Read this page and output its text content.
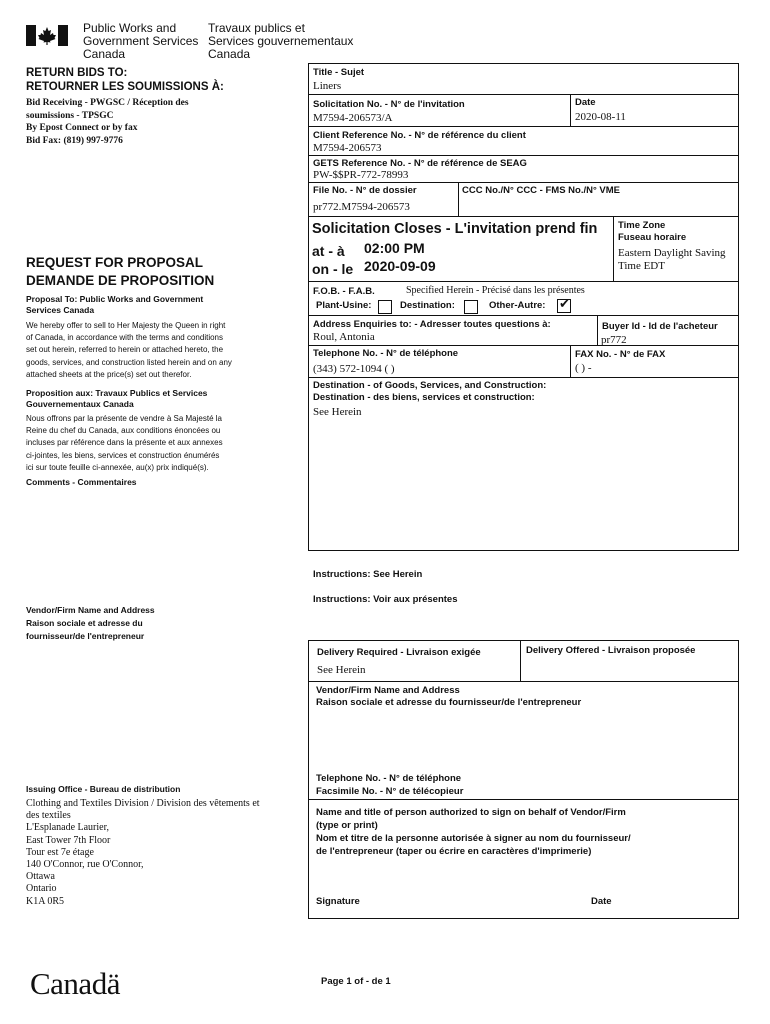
Public Works and
Government Services
Canada
Travaux publics et
Services gouvernementaux
Canada
RETURN BIDS TO:
RETOURNER LES SOUMISSIONS À:
Bid Receiving - PWGSC / Réception des
soumissions - TPSGC
By Epost Connect or by fax
Bid Fax: (819) 997-9776
REQUEST FOR PROPOSAL
DEMANDE DE PROPOSITION
Proposal To: Public Works and Government
Services Canada
We hereby offer to sell to Her Majesty the Queen in right
of Canada, in accordance with the terms and conditions
set out herein, referred to herein or attached hereto, the
goods, services, and construction listed herein and on any
attached sheets at the price(s) set out therefor.
Proposition aux: Travaux Publics et Services
Gouvernementaux Canada
Nous offrons par la présente de vendre à Sa Majesté la
Reine du chef du Canada, aux conditions énoncées ou
incluses par référence dans la présente et aux annexes
ci-jointes, les biens, services et construction énumérés
ici sur toute feuille ci-annexée, au(x) prix indiqué(s).
Comments - Commentaires
Vendor/Firm Name and Address
Raison sociale et adresse du
fournisseur/de l'entrepreneur
Issuing Office - Bureau de distribution
Clothing and Textiles Division / Division des vêtements et
des textiles
L'Esplanade Laurier,
East Tower 7th Floor
Tour est 7e étage
140 O'Connor, rue O'Connor,
Ottawa
Ontario
K1A 0R5
Title - Sujet
Liners
Solicitation No. - N° de l'invitation
M7594-206573/A
Date
2020-08-11
Client Reference No. - N° de référence du client
M7594-206573
GETS Reference No. - N° de référence de SEAG
PW-$$PR-772-78993
File No. - N° de dossier
pr772.M7594-206573
CCC No./N° CCC - FMS No./N° VME
Solicitation Closes - L'invitation prend fin
at - à 02:00 PM
on - le 2020-09-09
Time Zone
Fuseau horaire
Eastern Daylight Saving
Time EDT
F.O.B. - F.A.B.	Specified Herein - Précisé dans les présentes
Plant-Usine:	Destination:	Other-Autre: ✔
Address Enquiries to: - Adresser toutes questions à:
Roul, Antonia
Buyer Id - Id de l'acheteur
pr772
Telephone No. - N° de téléphone
(343) 572-1094 ( )
FAX No. - N° de FAX
( ) -
Destination - of Goods, Services, and Construction:
Destination - des biens, services et construction:
See Herein
Instructions: See Herein
Instructions: Voir aux présentes
Delivery Required - Livraison exigée
See Herein
Delivery Offered - Livraison proposée
Vendor/Firm Name and Address
Raison sociale et adresse du fournisseur/de l'entrepreneur
Telephone No. - N° de téléphone
Facsimile No. - N° de télécopieur
Name and title of person authorized to sign on behalf of Vendor/Firm
(type or print)
Nom et titre de la personne autorisée à signer au nom du fournisseur/
de l'entrepreneur (taper ou écrire en caractères d'imprimerie)
Signature	Date
Canadä	Page 1 of - de 1
